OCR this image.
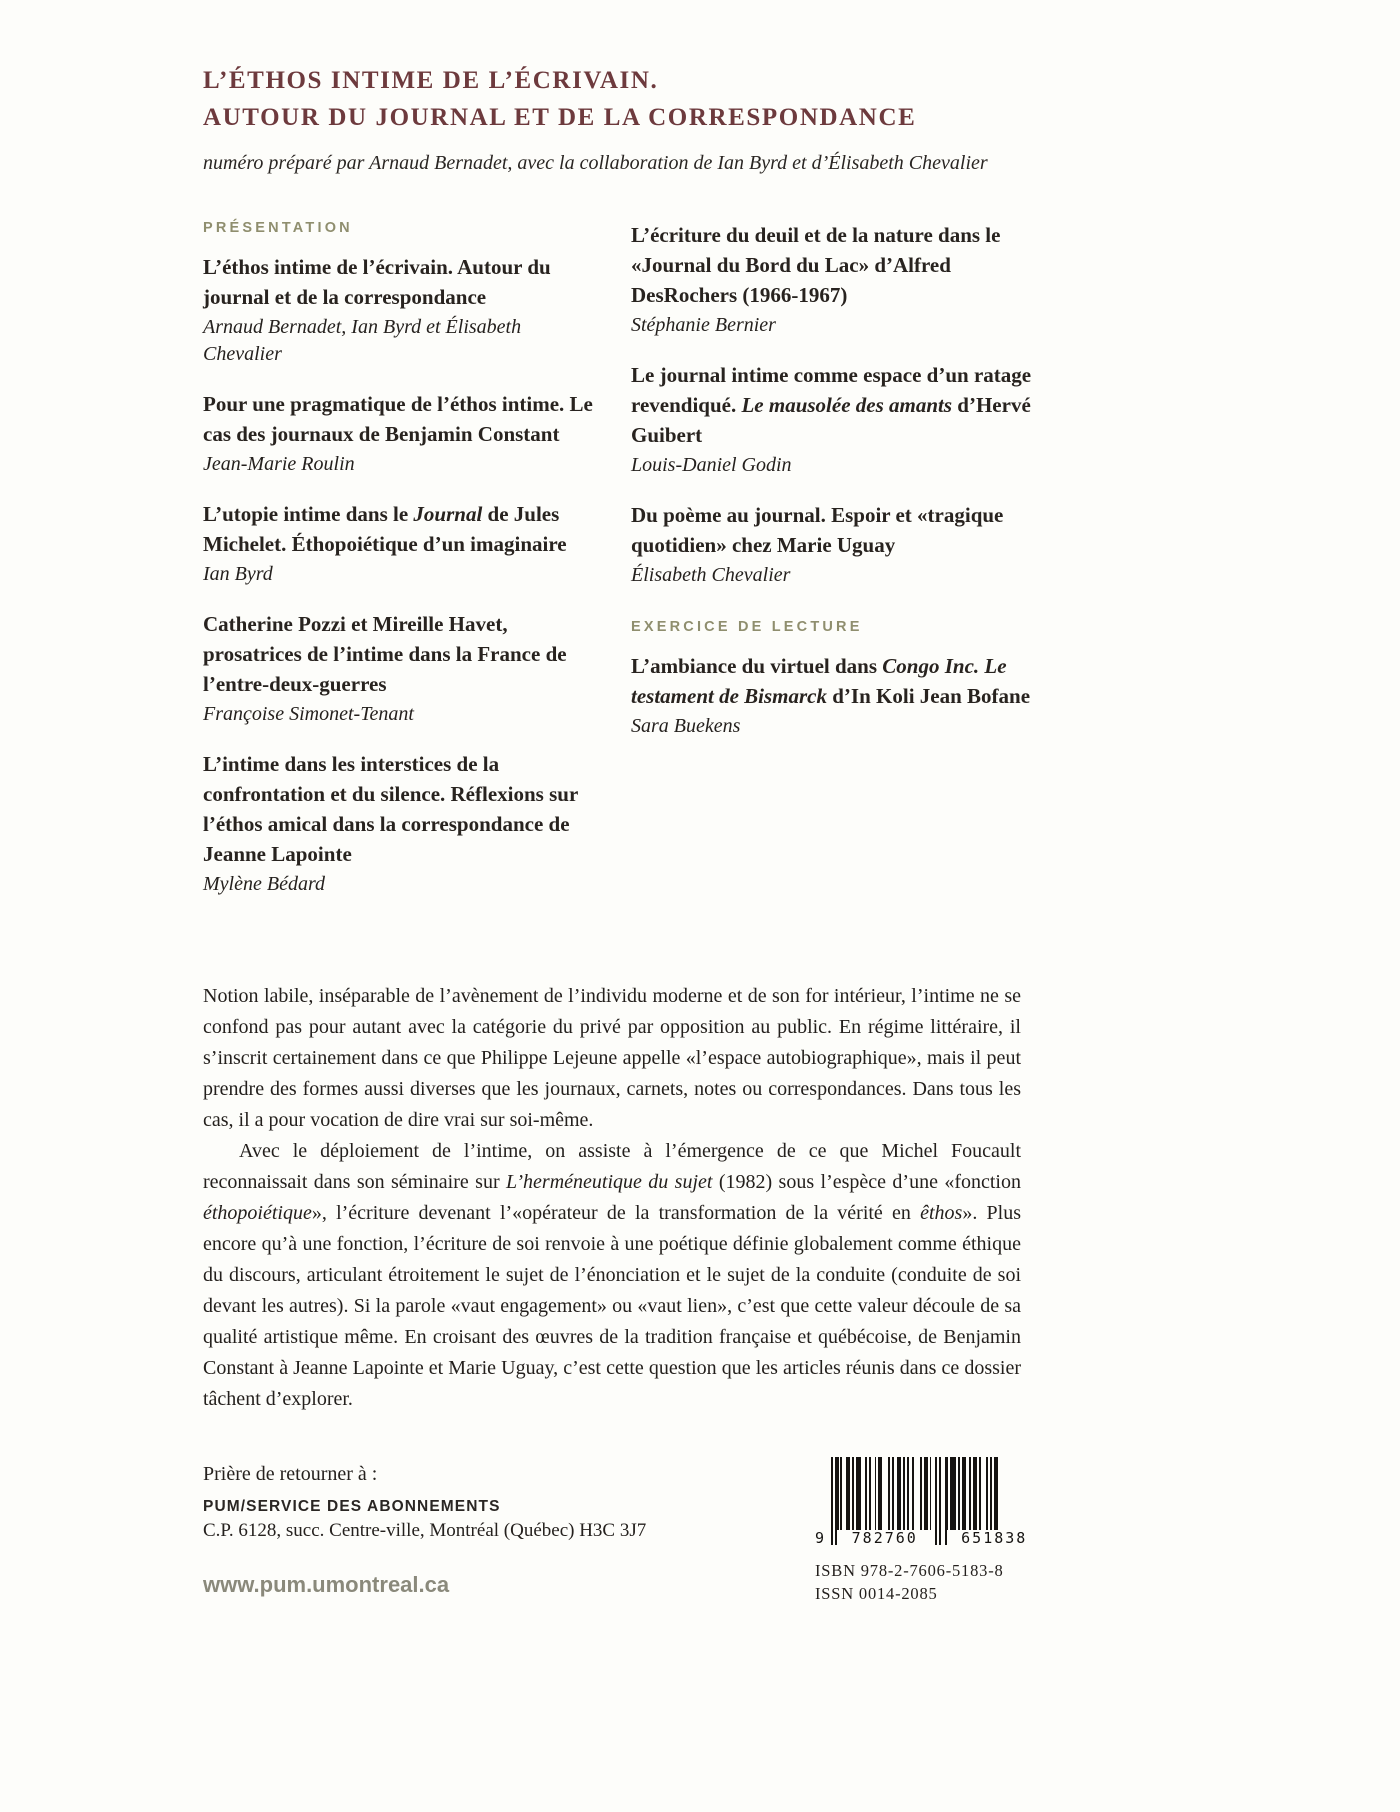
L’ÉTHOS INTIME DE L’ÉCRIVAIN.
AUTOUR DU JOURNAL ET DE LA CORRESPONDANCE

numéro préparé par Arnaud Bernadet, avec la collaboration de Ian Byrd et d’Élisabeth Chevalier

PRÉSENTATION
L’éthos intime de l’écrivain. Autour du journal et de la correspondance

Arnaud Bernadet, Ian Byrd et Élisabeth Chevalier

Pour une pragmatique de l’éthos intime. Le cas des journaux de Benjamin Constant

Jean-Marie Roulin

L’utopie intime dans le Journal de Jules Michelet. Éthopoiétique d’un imaginaire

Ian Byrd

Catherine Pozzi et Mireille Havet, prosatrices de l’intime dans la France de l’entre-deux-guerres

Françoise Simonet-Tenant

L’intime dans les interstices de la confrontation et du silence. Réflexions sur l’éthos amical dans la correspondance de Jeanne Lapointe

Mylène Bédard

L’écriture du deuil et de la nature dans le «Journal du Bord du Lac» d’Alfred DesRochers (1966-1967)

Stéphanie Bernier

Le journal intime comme espace d’un ratage revendiqué. Le mausolée des amants d’Hervé Guibert

Louis-Daniel Godin

Du poème au journal. Espoir et «tragique quotidien» chez Marie Uguay

Élisabeth Chevalier

EXERCICE DE LECTURE
L’ambiance du virtuel dans Congo Inc. Le testament de Bismarck d’In Koli Jean Bofane

Sara Buekens

Notion labile, inséparable de l’avènement de l’individu moderne et de son for intérieur, l’intime ne se confond pas pour autant avec la catégorie du privé par opposition au public. En régime littéraire, il s’inscrit certainement dans ce que Philippe Lejeune appelle «l’espace autobiographique», mais il peut prendre des formes aussi diverses que les journaux, carnets, notes ou correspondances. Dans tous les cas, il a pour vocation de dire vrai sur soi-même.

Avec le déploiement de l’intime, on assiste à l’émergence de ce que Michel Foucault reconnaissait dans son séminaire sur L’herméneutique du sujet (1982) sous l’espèce d’une «fonction éthopoiétique», l’écriture devenant l’«opérateur de la transformation de la vérité en êthos». Plus encore qu’à une fonction, l’écriture de soi renvoie à une poétique définie globalement comme éthique du discours, articulant étroitement le sujet de l’énonciation et le sujet de la conduite (conduite de soi devant les autres). Si la parole «vaut engagement» ou «vaut lien», c’est que cette valeur découle de sa qualité artistique même. En croisant des œuvres de la tradition française et québécoise, de Benjamin Constant à Jeanne Lapointe et Marie Uguay, c’est cette question que les articles réunis dans ce dossier tâchent d’explorer.

Prière de retourner à :

PUM/SERVICE DES ABONNEMENTS

C.P. 6128, succ. Centre-ville, Montréal (Québec) H3C 3J7

www.pum.umontreal.ca
9	782760	651838

ISBN 978-2-7606-5183-8

ISSN 0014-2085
